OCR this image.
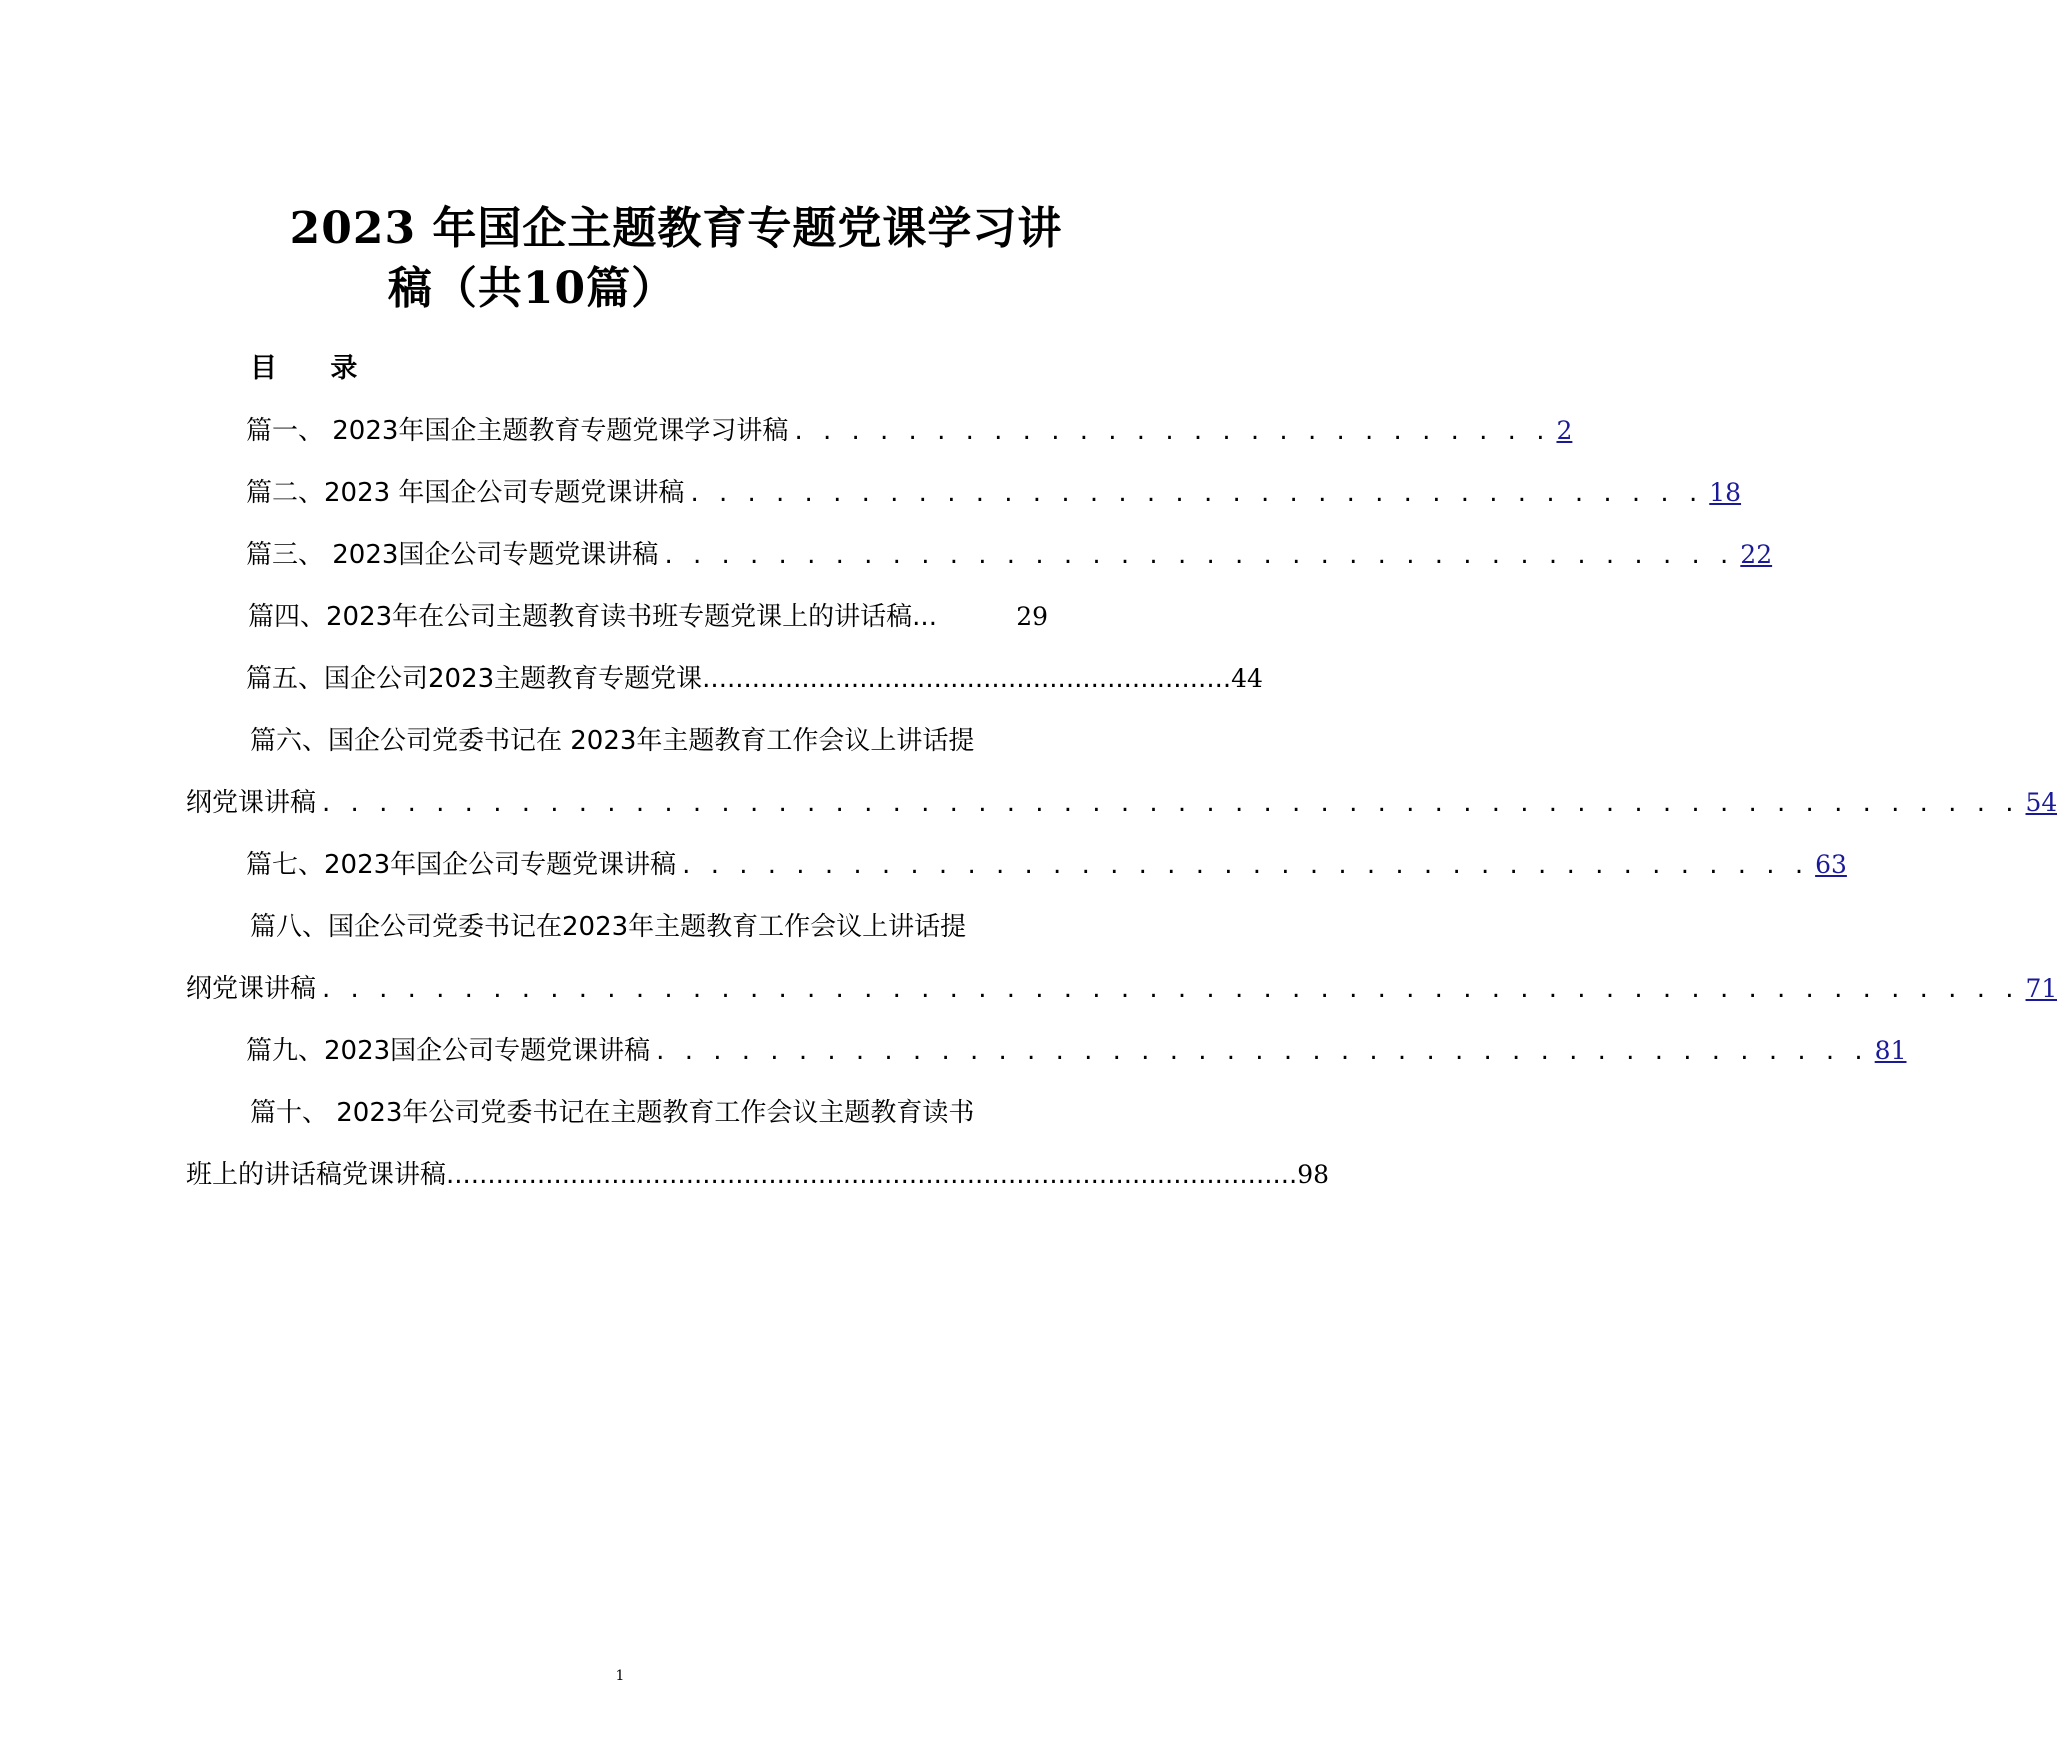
2023 年国企主题教育专题党课学习讲
稿（共10篇）
目 录
篇一、 2023年国企主题教育专题党课学习讲稿 . . . . . . . . . . . . . . . . . . . . . . . . . . . 2
篇二、2023 年国企公司专题党课讲稿 . . . . . . . . . . . . . . . . . . . . . . . . . . . . . . . . . . . . 18
篇三、 2023国企公司专题党课讲稿 . . . . . . . . . . . . . . . . . . . . . . . . . . . . . . . . . . . . . . 22
篇四、2023年在公司主题教育读书班专题党课上的讲话稿 ...	29
篇五、国企公司2023主题教育专题党课 ................................................................ 44
篇六、国企公司党委书记在 2023年主题教育工作会议上讲话提
纲党课讲稿 . . . . . . . . . . . . . . . . . . . . . . . . . . . . . . . . . . . . . . . . . . . . . . . . . . . . . . . . . . . . 54
篇七、2023年国企公司专题党课讲稿 . . . . . . . . . . . . . . . . . . . . . . . . . . . . . . . . . . . . . . . . 63
篇八、国企公司党委书记在2023年主题教育工作会议上讲话提
纲党课讲稿 . . . . . . . . . . . . . . . . . . . . . . . . . . . . . . . . . . . . . . . . . . . . . . . . . . . . . . . . . . . . 71
篇九、2023国企公司专题党课讲稿 . . . . . . . . . . . . . . . . . . . . . . . . . . . . . . . . . . . . . . . . . . . 81
篇十、 2023年公司党委书记在主题教育工作会议主题教育读书
班上的讲话稿党课讲稿 ....................................................................................................... 98
1
